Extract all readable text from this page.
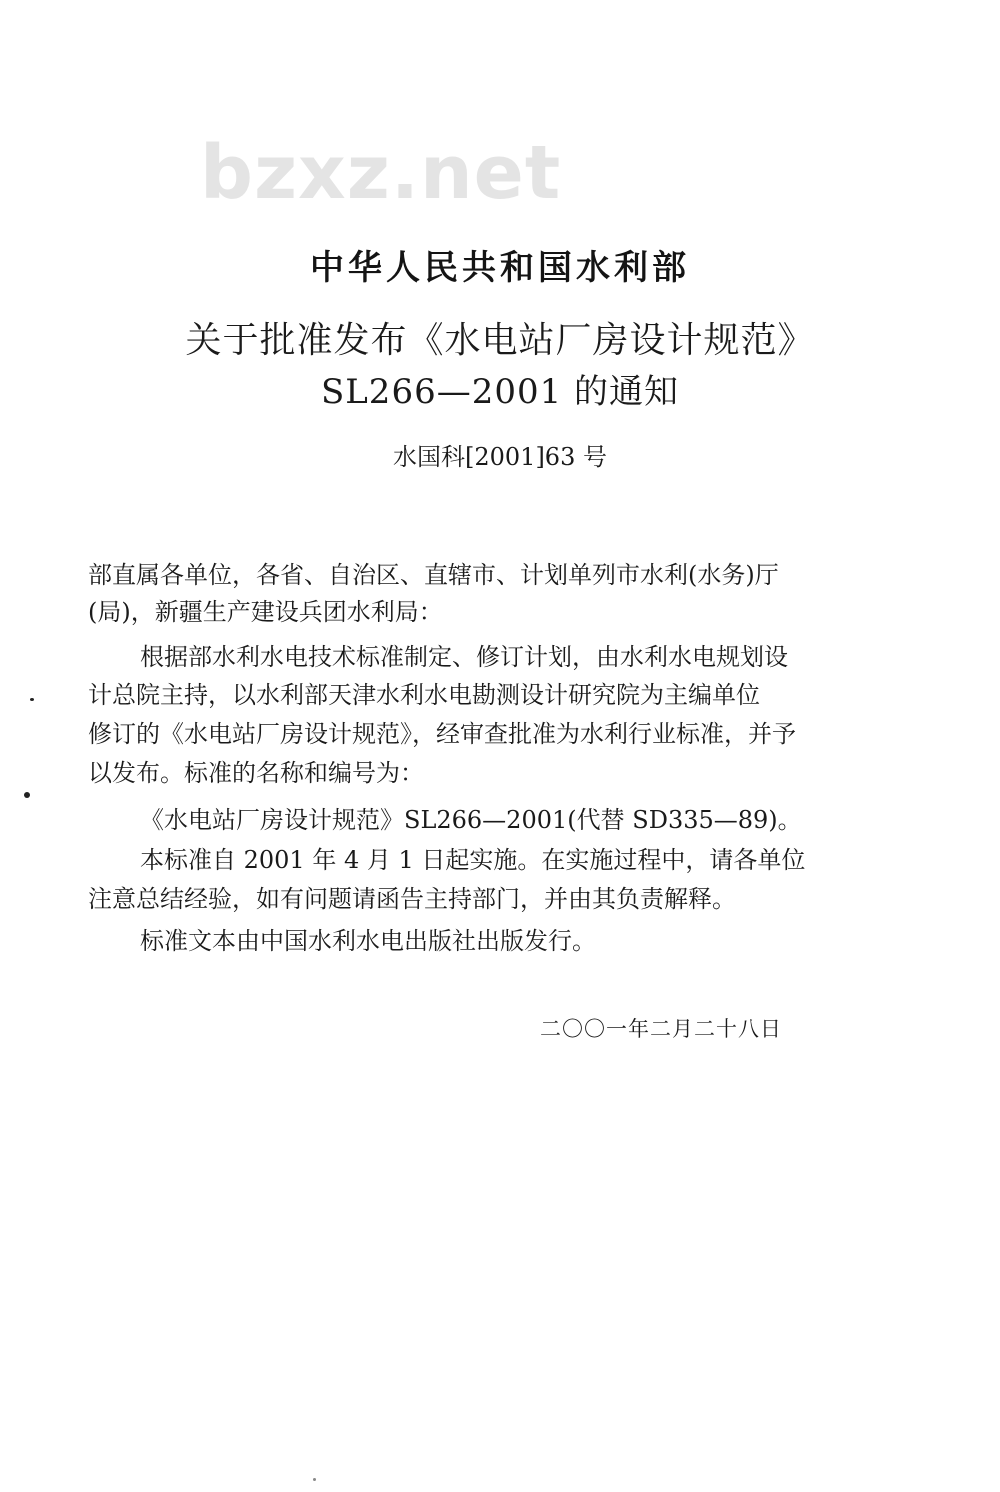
bzxz.net
中华人民共和国水利部
关于批准发布《水电站厂房设计规范》
SL266—2001 的通知
水国科[2001]63 号
部直属各单位，各省、自治区、直辖市、计划单列市水利(水务)厅
(局)，新疆生产建设兵团水利局：
根据部水利水电技术标准制定、修订计划，由水利水电规划设
计总院主持，以水利部天津水利水电勘测设计研究院为主编单位
修订的《水电站厂房设计规范》，经审查批准为水利行业标准，并予
以发布。标准的名称和编号为：
《水电站厂房设计规范》SL266—2001(代替 SD335—89)。
本标准自 2001 年 4 月 1 日起实施。在实施过程中，请各单位
注意总结经验，如有问题请函告主持部门，并由其负责解释。
标准文本由中国水利水电出版社出版发行。
二〇〇一年二月二十八日
